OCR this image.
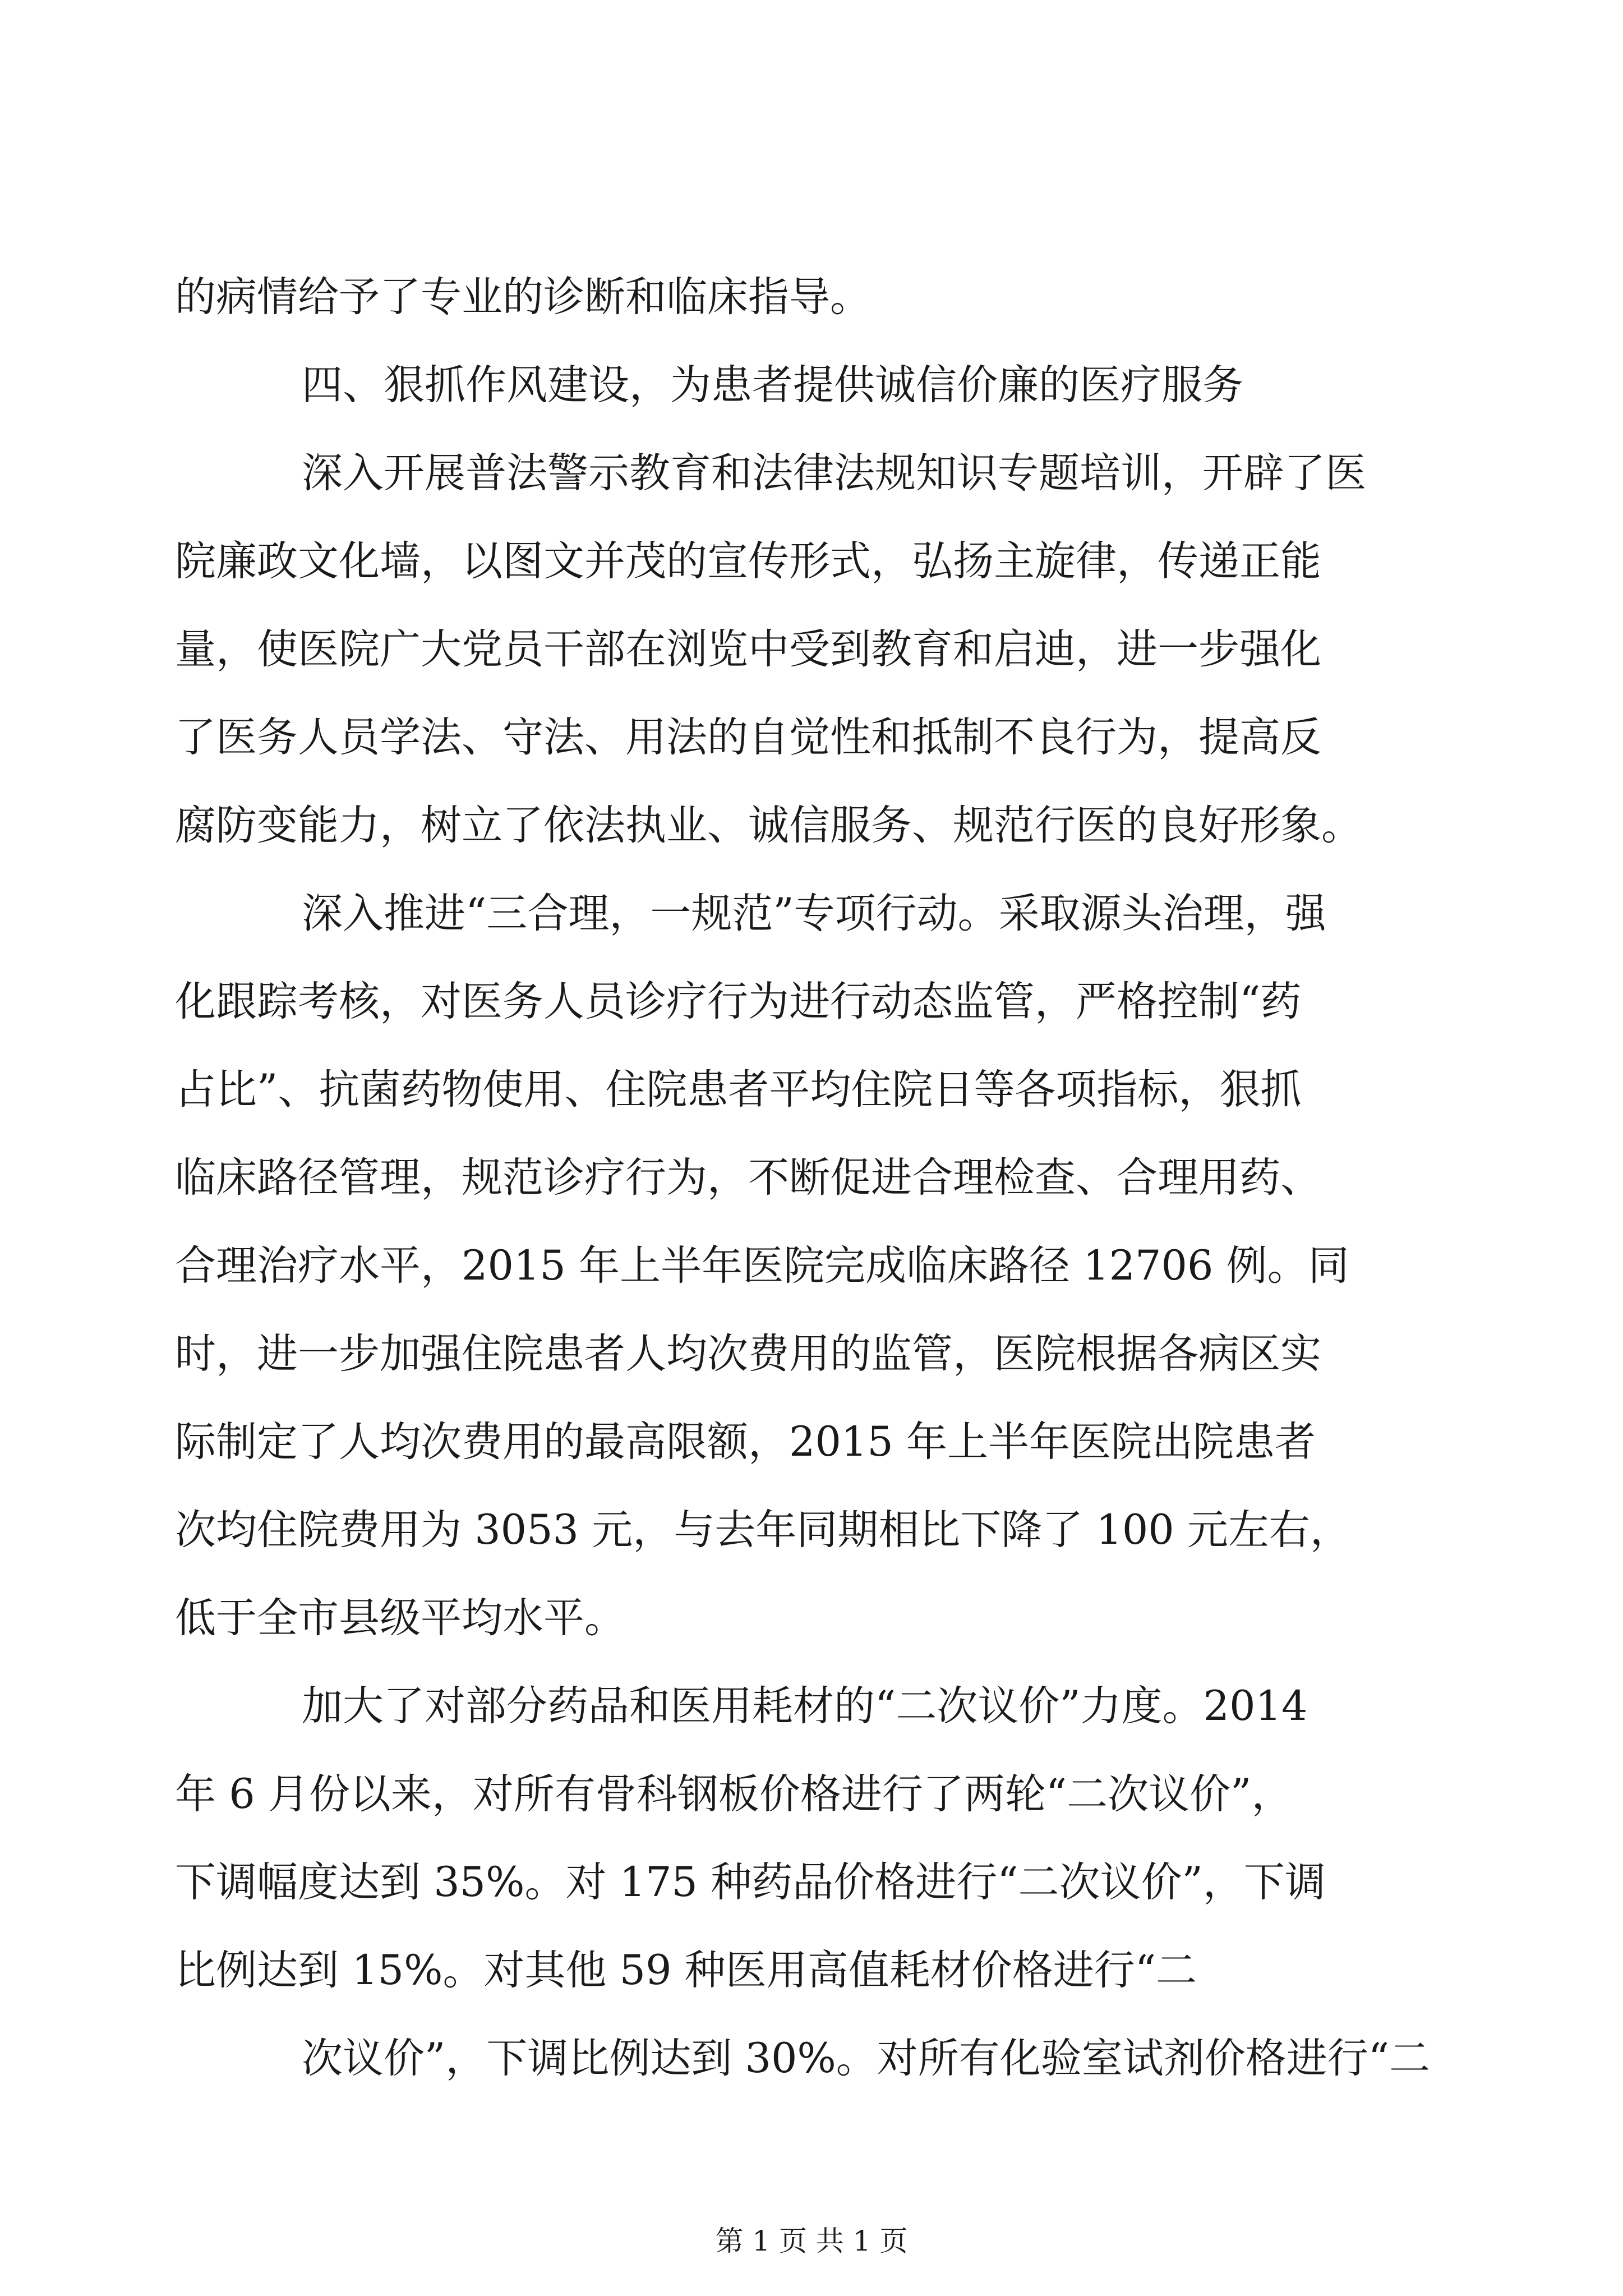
的病情给予了专业的诊断和临床指导。
四、狠抓作风建设，为患者提供诚信价廉的医疗服务
深入开展普法警示教育和法律法规知识专题培训，开辟了医
院廉政文化墙，以图文并茂的宣传形式，弘扬主旋律，传递正能
量，使医院广大党员干部在浏览中受到教育和启迪，进一步强化
了医务人员学法、守法、用法的自觉性和抵制不良行为，提高反
腐防变能力，树立了依法执业、诚信服务、规范行医的良好形象。
深入推进“三合理，一规范”专项行动。采取源头治理，强
化跟踪考核，对医务人员诊疗行为进行动态监管，严格控制“药
占比”、抗菌药物使用、住院患者平均住院日等各项指标，狠抓
临床路径管理，规范诊疗行为，不断促进合理检查、合理用药、
合理治疗水平，2015 年上半年医院完成临床路径 12706 例。同
时，进一步加强住院患者人均次费用的监管，医院根据各病区实
际制定了人均次费用的最高限额，2015 年上半年医院出院患者
次均住院费用为 3053 元，与去年同期相比下降了 100 元左右，
低于全市县级平均水平。
加大了对部分药品和医用耗材的“二次议价”力度。2014
年 6 月份以来，对所有骨科钢板价格进行了两轮“二次议价”，
下调幅度达到 35%。对 175 种药品价格进行“二次议价”，下调
比例达到 15%。对其他 59 种医用高值耗材价格进行“二
次议价”，下调比例达到 30%。对所有化验室试剂价格进行“二
第 1 页 共 1 页
